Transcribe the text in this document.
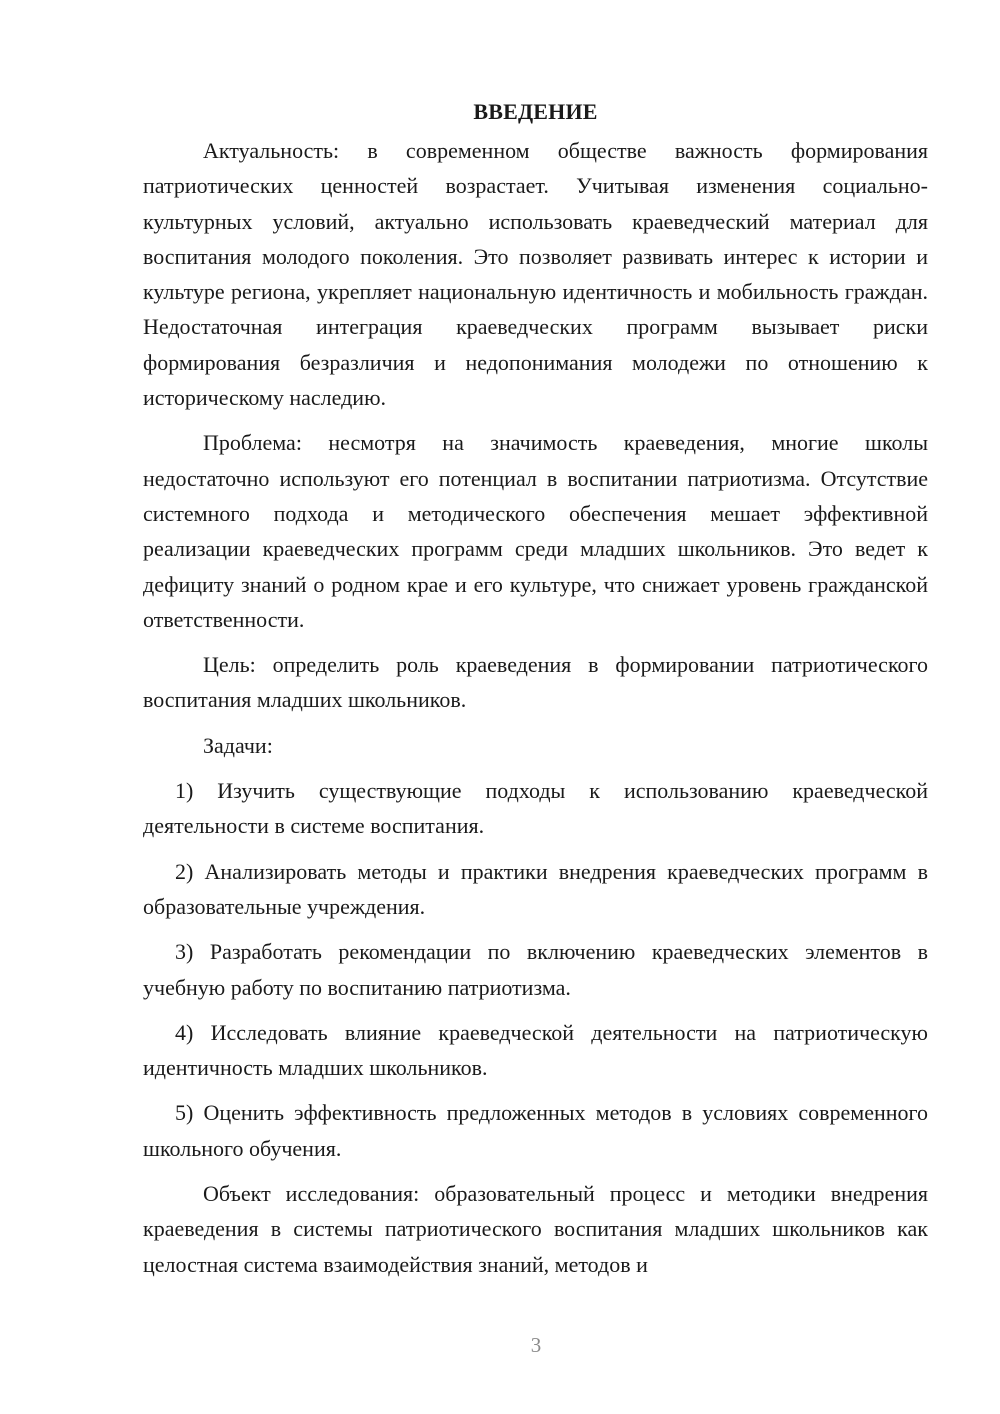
ВВЕДЕНИЕ

Актуальность: в современном обществе важность формирования патриотических ценностей возрастает. Учитывая изменения социально-культурных условий, актуально использовать краеведческий материал для воспитания молодого поколения. Это позволяет развивать интерес к истории и культуре региона, укрепляет национальную идентичность и мобильность граждан. Недостаточная интеграция краеведческих программ вызывает риски формирования безразличия и недопонимания молодежи по отношению к историческому наследию.

Проблема: несмотря на значимость краеведения, многие школы недостаточно используют его потенциал в воспитании патриотизма. Отсутствие системного подхода и методического обеспечения мешает эффективной реализации краеведческих программ среди младших школьников. Это ведет к дефициту знаний о родном крае и его культуре, что снижает уровень гражданской ответственности.

Цель: определить роль краеведения в формировании патриотического воспитания младших школьников.

Задачи:

1) Изучить существующие подходы к использованию краеведческой деятельности в системе воспитания.

2) Анализировать методы и практики внедрения краеведческих программ в образовательные учреждения.

3) Разработать рекомендации по включению краеведческих элементов в учебную работу по воспитанию патриотизма.

4) Исследовать влияние краеведческой деятельности на патриотическую идентичность младших школьников.

5) Оценить эффективность предложенных методов в условиях современного школьного обучения.

Объект исследования: образовательный процесс и методики внедрения краеведения в системы патриотического воспитания младших школьников как целостная система взаимодействия знаний, методов и

3
